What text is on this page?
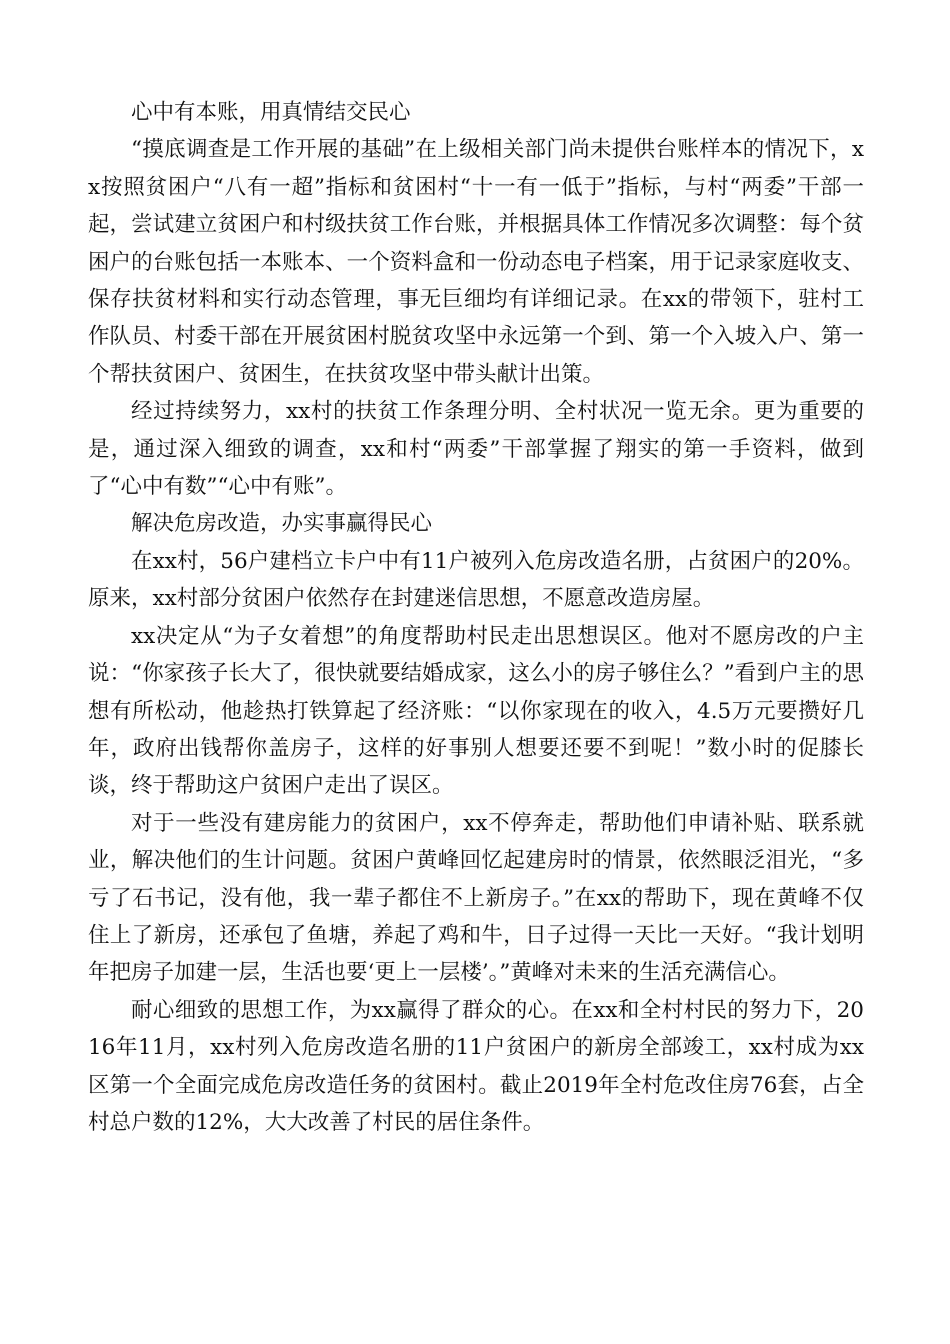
心中有本账，用真情结交民心

“摸底调查是工作开展的基础”在上级相关部门尚未提供台账样本的情况下，xx按照贫困户“八有一超”指标和贫困村“十一有一低于”指标，与村“两委”干部一起，尝试建立贫困户和村级扶贫工作台账，并根据具体工作情况多次调整：每个贫困户的台账包括一本账本、一个资料盒和一份动态电子档案，用于记录家庭收支、保存扶贫材料和实行动态管理，事无巨细均有详细记录。在xx的带领下，驻村工作队员、村委干部在开展贫困村脱贫攻坚中永远第一个到、第一个入坡入户、第一个帮扶贫困户、贫困生，在扶贫攻坚中带头献计出策。

经过持续努力，xx村的扶贫工作条理分明、全村状况一览无余。更为重要的是，通过深入细致的调查，xx和村“两委”干部掌握了翔实的第一手资料，做到了“心中有数”“心中有账”。

解决危房改造，办实事赢得民心

在xx村，56户建档立卡户中有11户被列入危房改造名册，占贫困户的20%。原来，xx村部分贫困户依然存在封建迷信思想，不愿意改造房屋。

xx决定从“为子女着想”的角度帮助村民走出思想误区。他对不愿房改的户主说：“你家孩子长大了，很快就要结婚成家，这么小的房子够住么？”看到户主的思想有所松动，他趁热打铁算起了经济账：“以你家现在的收入，4.5万元要攒好几年，政府出钱帮你盖房子，这样的好事别人想要还要不到呢！”数小时的促膝长谈，终于帮助这户贫困户走出了误区。

对于一些没有建房能力的贫困户，xx不停奔走，帮助他们申请补贴、联系就业，解决他们的生计问题。贫困户黄峰回忆起建房时的情景，依然眼泛泪光，“多亏了石书记，没有他，我一辈子都住不上新房子。”在xx的帮助下，现在黄峰不仅住上了新房，还承包了鱼塘，养起了鸡和牛，日子过得一天比一天好。“我计划明年把房子加建一层，生活也要‘更上一层楼’。”黄峰对未来的生活充满信心。

耐心细致的思想工作，为xx赢得了群众的心。在xx和全村村民的努力下，2016年11月，xx村列入危房改造名册的11户贫困户的新房全部竣工，xx村成为xx区第一个全面完成危房改造任务的贫困村。截止2019年全村危改住房76套，占全村总户数的12%，大大改善了村民的居住条件。
